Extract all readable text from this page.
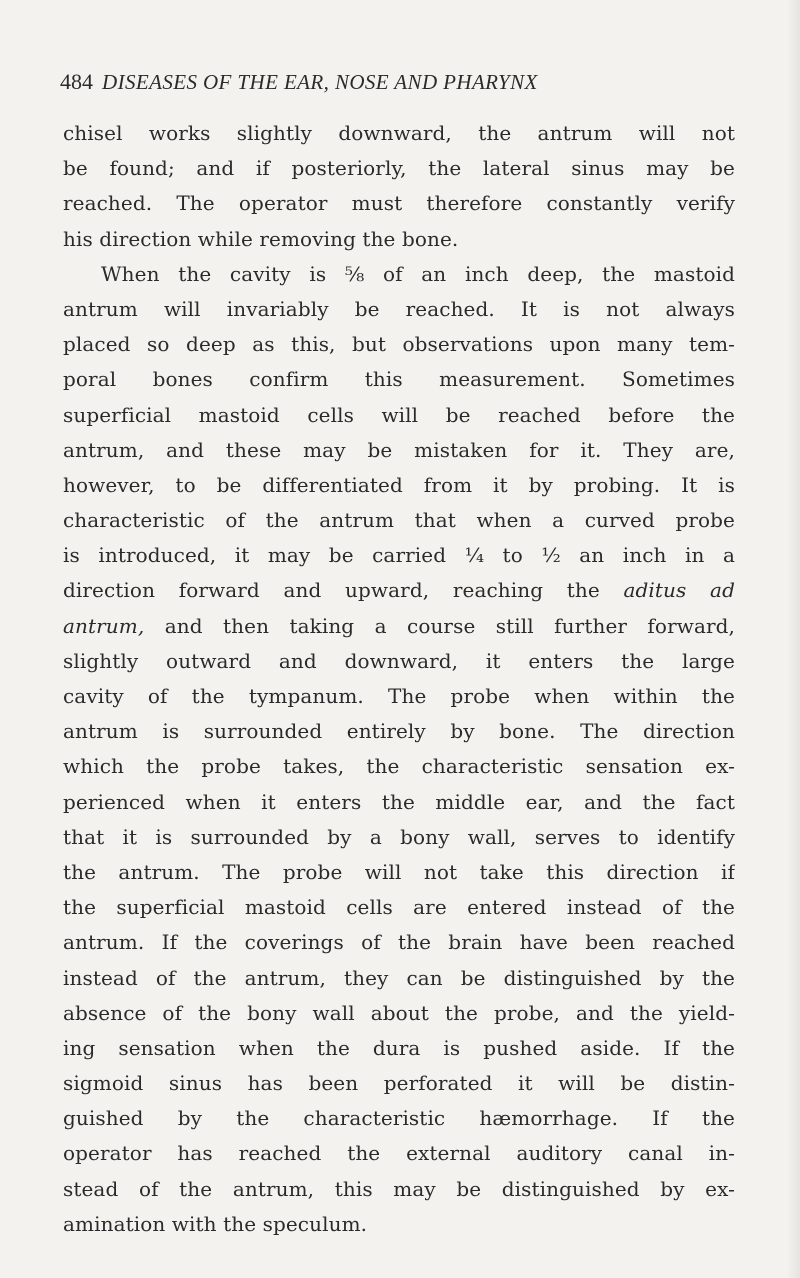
484 DISEASES OF THE EAR, NOSE AND PHARYNX
chisel works slightly downward, the antrum will not
be found; and if posteriorly, the lateral sinus may be
reached. The operator must therefore constantly verify
his direction while removing the bone.
When the cavity is ⅝ of an inch deep, the mastoid
antrum will invariably be reached. It is not always
placed so deep as this, but observations upon many tem-
poral bones confirm this measurement. Sometimes
superficial mastoid cells will be reached before the
antrum, and these may be mistaken for it. They are,
however, to be differentiated from it by probing. It is
characteristic of the antrum that when a curved probe
is introduced, it may be carried ¼ to ½ an inch in a
direction forward and upward, reaching the aditus ad
antrum, and then taking a course still further forward,
slightly outward and downward, it enters the large
cavity of the tympanum. The probe when within the
antrum is surrounded entirely by bone. The direction
which the probe takes, the characteristic sensation ex-
perienced when it enters the middle ear, and the fact
that it is surrounded by a bony wall, serves to identify
the antrum. The probe will not take this direction if
the superficial mastoid cells are entered instead of the
antrum. If the coverings of the brain have been reached
instead of the antrum, they can be distinguished by the
absence of the bony wall about the probe, and the yield-
ing sensation when the dura is pushed aside. If the
sigmoid sinus has been perforated it will be distin-
guished by the characteristic hæmorrhage. If the
operator has reached the external auditory canal in-
stead of the antrum, this may be distinguished by ex-
amination with the speculum.
